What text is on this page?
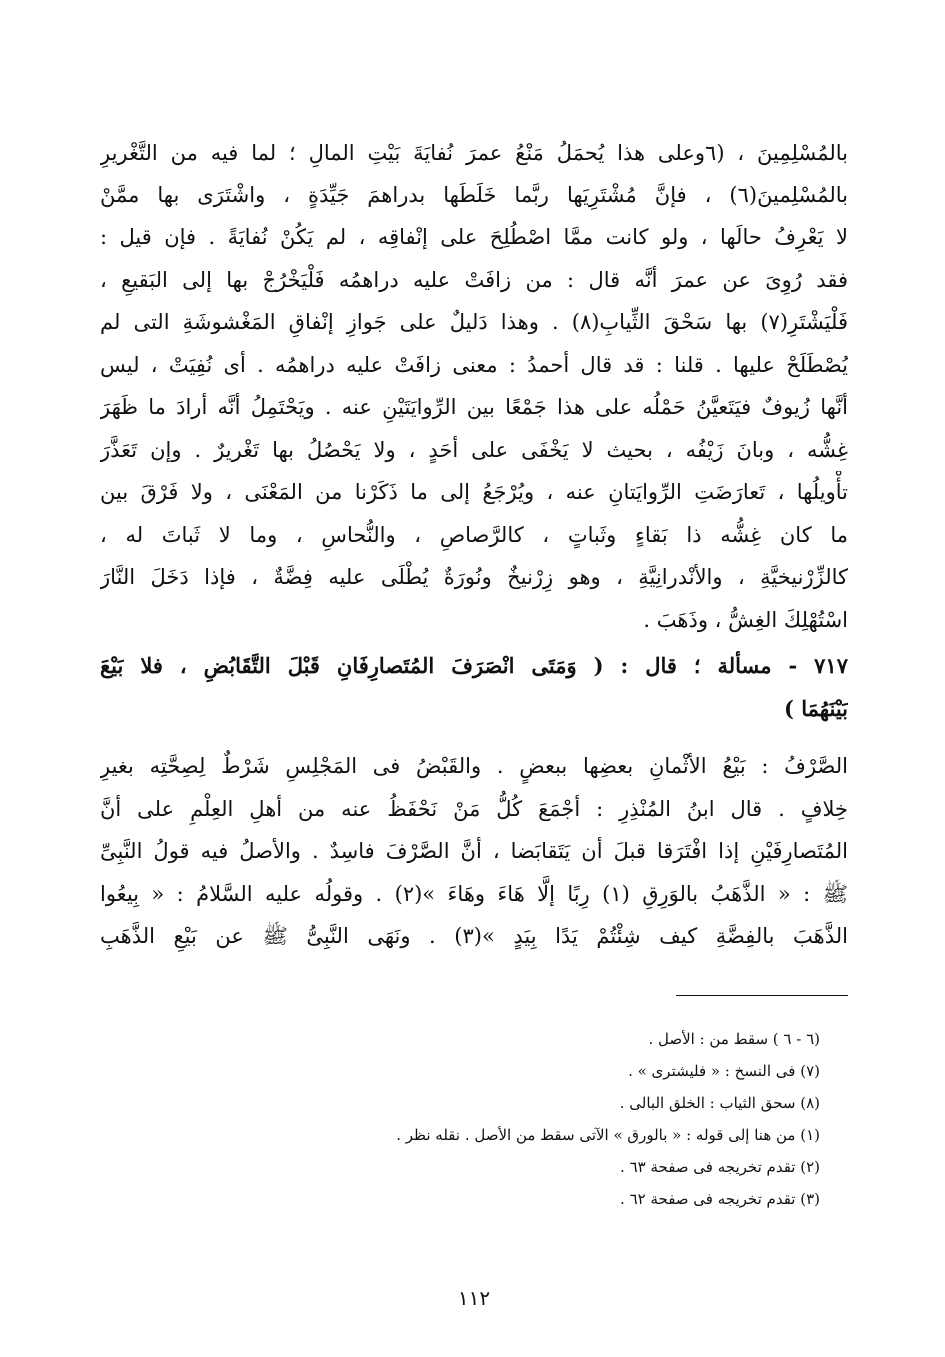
بالمُسْلِمِينَ ، (٦وعلى هذا يُحمَلُ مَنْعُ عمرَ نُفايَةَ بَيْتِ المالِ ؛ لما فيه من التَّغْريرِ
بالمُسْلِمينَ(٦) ، فإنَّ مُشْتَرِيَها ربَّما خَلَطَها بدراهمَ جَيِّدَةٍ ، واشْتَرَى بها ممَّنْ
لا يَعْرِفُ حالَها ، ولو كانت ممَّا اصْطُلِحَ على إنْفاقِه ، لم يَكُنْ نُفايَةً . فإن قيل :
فقد رُوِىَ عن عمرَ أنَّه قال : من زافَتْ عليه دراهمُه فَلْيَخْرُجْ بها إلى البَقيعِ ،
فَلْيَشْتَرِ(٧) بها سَحْقَ الثِّيابِ(٨) . وهذا دَليلٌ على جَوازِ إنْفاقِ المَغْشوشَةِ التى لم
يُصْطَلَحْ عليها . قلنا : قد قال أحمدُ : معنى زافَتْ عليه دراهمُه . أى نُفِيَتْ ، ليس
أنَّها زُيوفٌ فيَتَعيَّنُ حَمْلُه على هذا جَمْعًا بين الرِّوايَتَيْنِ عنه . ويَحْتَمِلُ أنَّه أرادَ ما ظَهَرَ
غِشُّه ، وبانَ زَيْفُه ، بحيث لا يَخْفَى على أحَدٍ ، ولا يَحْصُلُ بها تَغْريرٌ . وإن تَعَذَّرَ
تأْويلُها ، تَعارَضَتِ الرِّوايَتانِ عنه ، ويُرْجَعُ إلى ما ذَكَرْنا من المَعْنَى ، ولا فَرْقَ بين
ما كان غِشُّه ذا بَقاءٍ وثَباتٍ ، كالرَّصاصِ ، والنُّحاسِ ، وما لا ثَباتَ له ،
كالزِّرْنيخيَّةِ ، والأنْدرانِيَّةِ ، وهو زِرْنيخٌ ونُورَةٌ يُطْلَى عليه فِضَّةٌ ، فإذا دَخَلَ النَّارَ
اسْتُهْلِكَ الغِشُّ ، وذَهَبَ .
٧١٧ - مسألة ؛ قال : ( وَمَتَى انْصَرَفَ المُتَصارِفَانِ قَبْلَ التَّقَابُضِ ، فلا بَيْعَ
بَيْنَهُمَا )
الصَّرْفُ : بَيْعُ الأثْمانِ بعضِها ببعضٍ . والقَبْضُ فى المَجْلِسِ شَرْطٌ لِصِحَّتِه بغيرِ
خِلافٍ . قال ابنُ المُنْذِرِ : أجْمَعَ كُلُّ مَنْ نَحْفَظُ عنه من أهلِ العِلْمِ على أنَّ
المُتَصارِفَيْنِ إذا افْتَرَقا قبلَ أن يَتَقابَضا ، أنَّ الصَّرْفَ فاسِدٌ . والأصلُ فيه قولُ النَّبِىِّ
ﷺ : « الذَّهَبُ بالوَرِقِ (١) رِبًا إلَّا هَاءَ وهَاءَ »(٢) . وقولُه عليه السَّلامُ : « بِيعُوا
الذَّهَبَ بالفِضَّةِ كيف شِئْتُمْ يَدًا بِيَدٍ »(٣) . ونَهَى النَّبِىُّ ﷺ عن بَيْعِ الذَّهَبِ
(٦ - ٦ ) سقط من : الأصل .
(٧) فى النسخ : « فليشترى » .
(٨) سحق الثياب : الخلق البالى .
(١) من هنا إلى قوله : « بالورق » الآتى سقط من الأصل . نقله نظر .
(٢) تقدم تخريجه فى صفحة ٦٣ .
(٣) تقدم تخريجه فى صفحة ٦٢ .
١١٢
